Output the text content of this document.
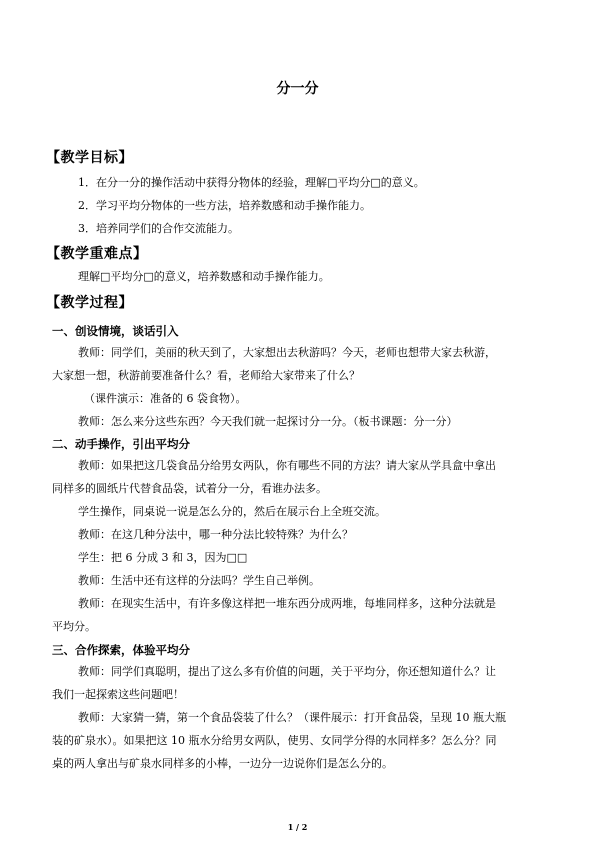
分一分
【教学目标】
1．在分一分的操作活动中获得分物体的经验，理解□平均分□的意义。
2．学习平均分物体的一些方法，培养数感和动手操作能力。
3．培养同学们的合作交流能力。
【教学重难点】
理解□平均分□的意义，培养数感和动手操作能力。
【教学过程】
一、创设情境，谈话引入
教师：同学们，美丽的秋天到了，大家想出去秋游吗？今天，老师也想带大家去秋游，
大家想一想，秋游前要准备什么？看，老师给大家带来了什么？
（课件演示：准备的 6 袋食物）。
教师：怎么来分这些东西？今天我们就一起探讨分一分。（板书课题：分一分）
二、动手操作，引出平均分
教师：如果把这几袋食品分给男女两队，你有哪些不同的方法？请大家从学具盒中拿出
同样多的圆纸片代替食品袋，试着分一分，看谁办法多。
学生操作，同桌说一说是怎么分的，然后在展示台上全班交流。
教师：在这几种分法中，哪一种分法比较特殊？为什么？
学生：把 6 分成 3 和 3，因为□□
教师：生活中还有这样的分法吗？学生自己举例。
教师：在现实生活中，有许多像这样把一堆东西分成两堆，每堆同样多，这种分法就是
平均分。
三、合作探索，体验平均分
教师：同学们真聪明，提出了这么多有价值的问题，关于平均分，你还想知道什么？让
我们一起探索这些问题吧！
教师：大家猜一猜，第一个食品袋装了什么？（课件展示：打开食品袋，呈现 10 瓶大瓶
装的矿泉水）。如果把这 10 瓶水分给男女两队，使男、女同学分得的水同样多？怎么分？同
桌的两人拿出与矿泉水同样多的小棒，一边分一边说你们是怎么分的。
1 / 2
